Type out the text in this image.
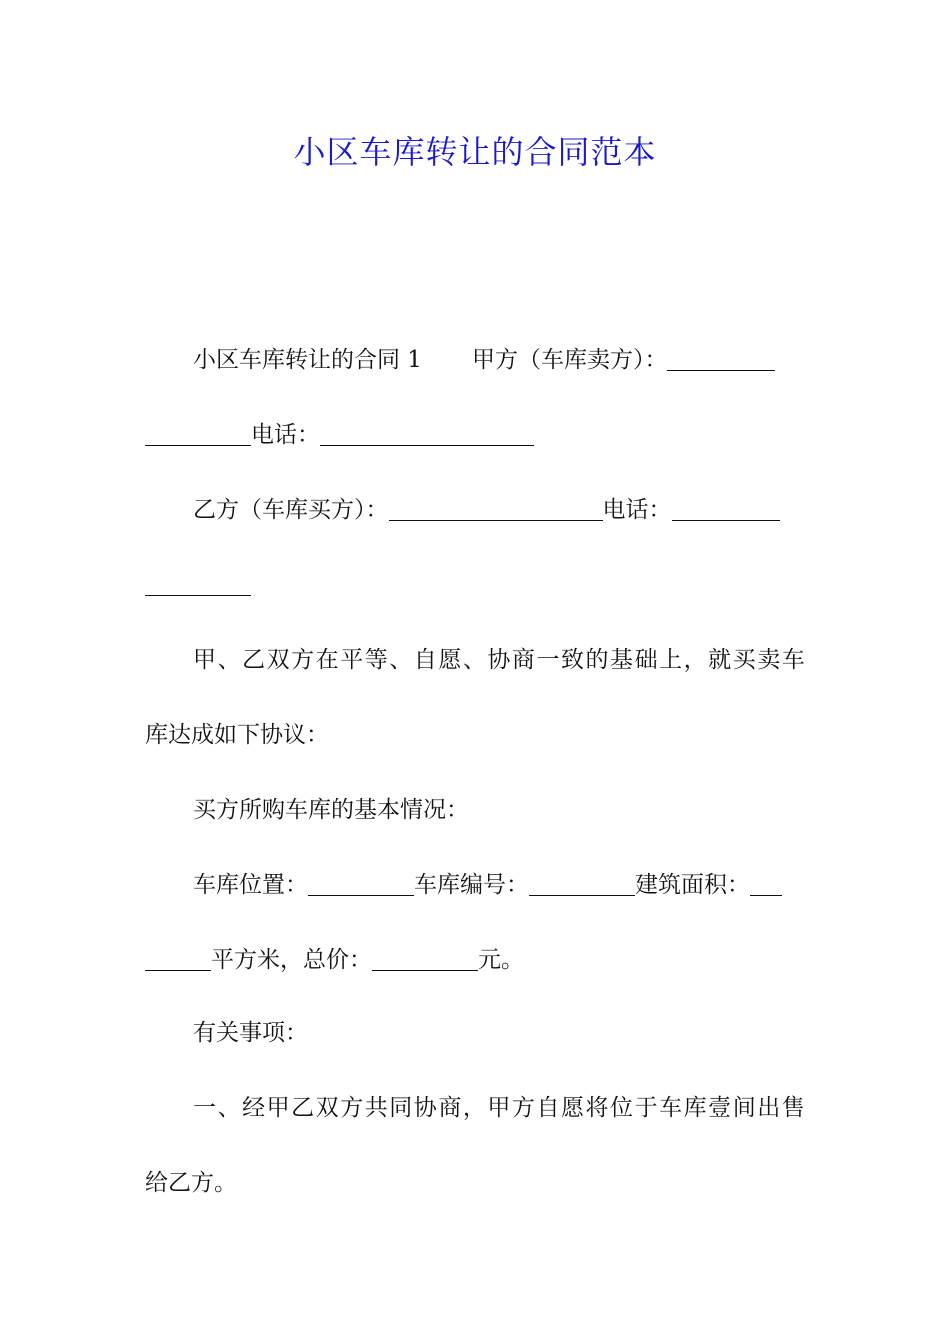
小区车库转让的合同范本
小区车库转让的合同 1 甲方（车库卖方）：
电话：
乙方（车库买方）：	电话：
甲 、 乙 双 方 在 平 等 、 自 愿 、 协 商 一 致 的 基 础 上 ， 就 买 卖 车
库达成如下协议：
买方所购车库的基本情况：
车库位置：	车库编号：	建筑面积：
平方米，总价：	元。
有关事项：
一 、 经 甲 乙 双 方 共 同 协 商 ， 甲 方 自 愿 将 位 于 车 库 壹 间 出 售
给乙方。
